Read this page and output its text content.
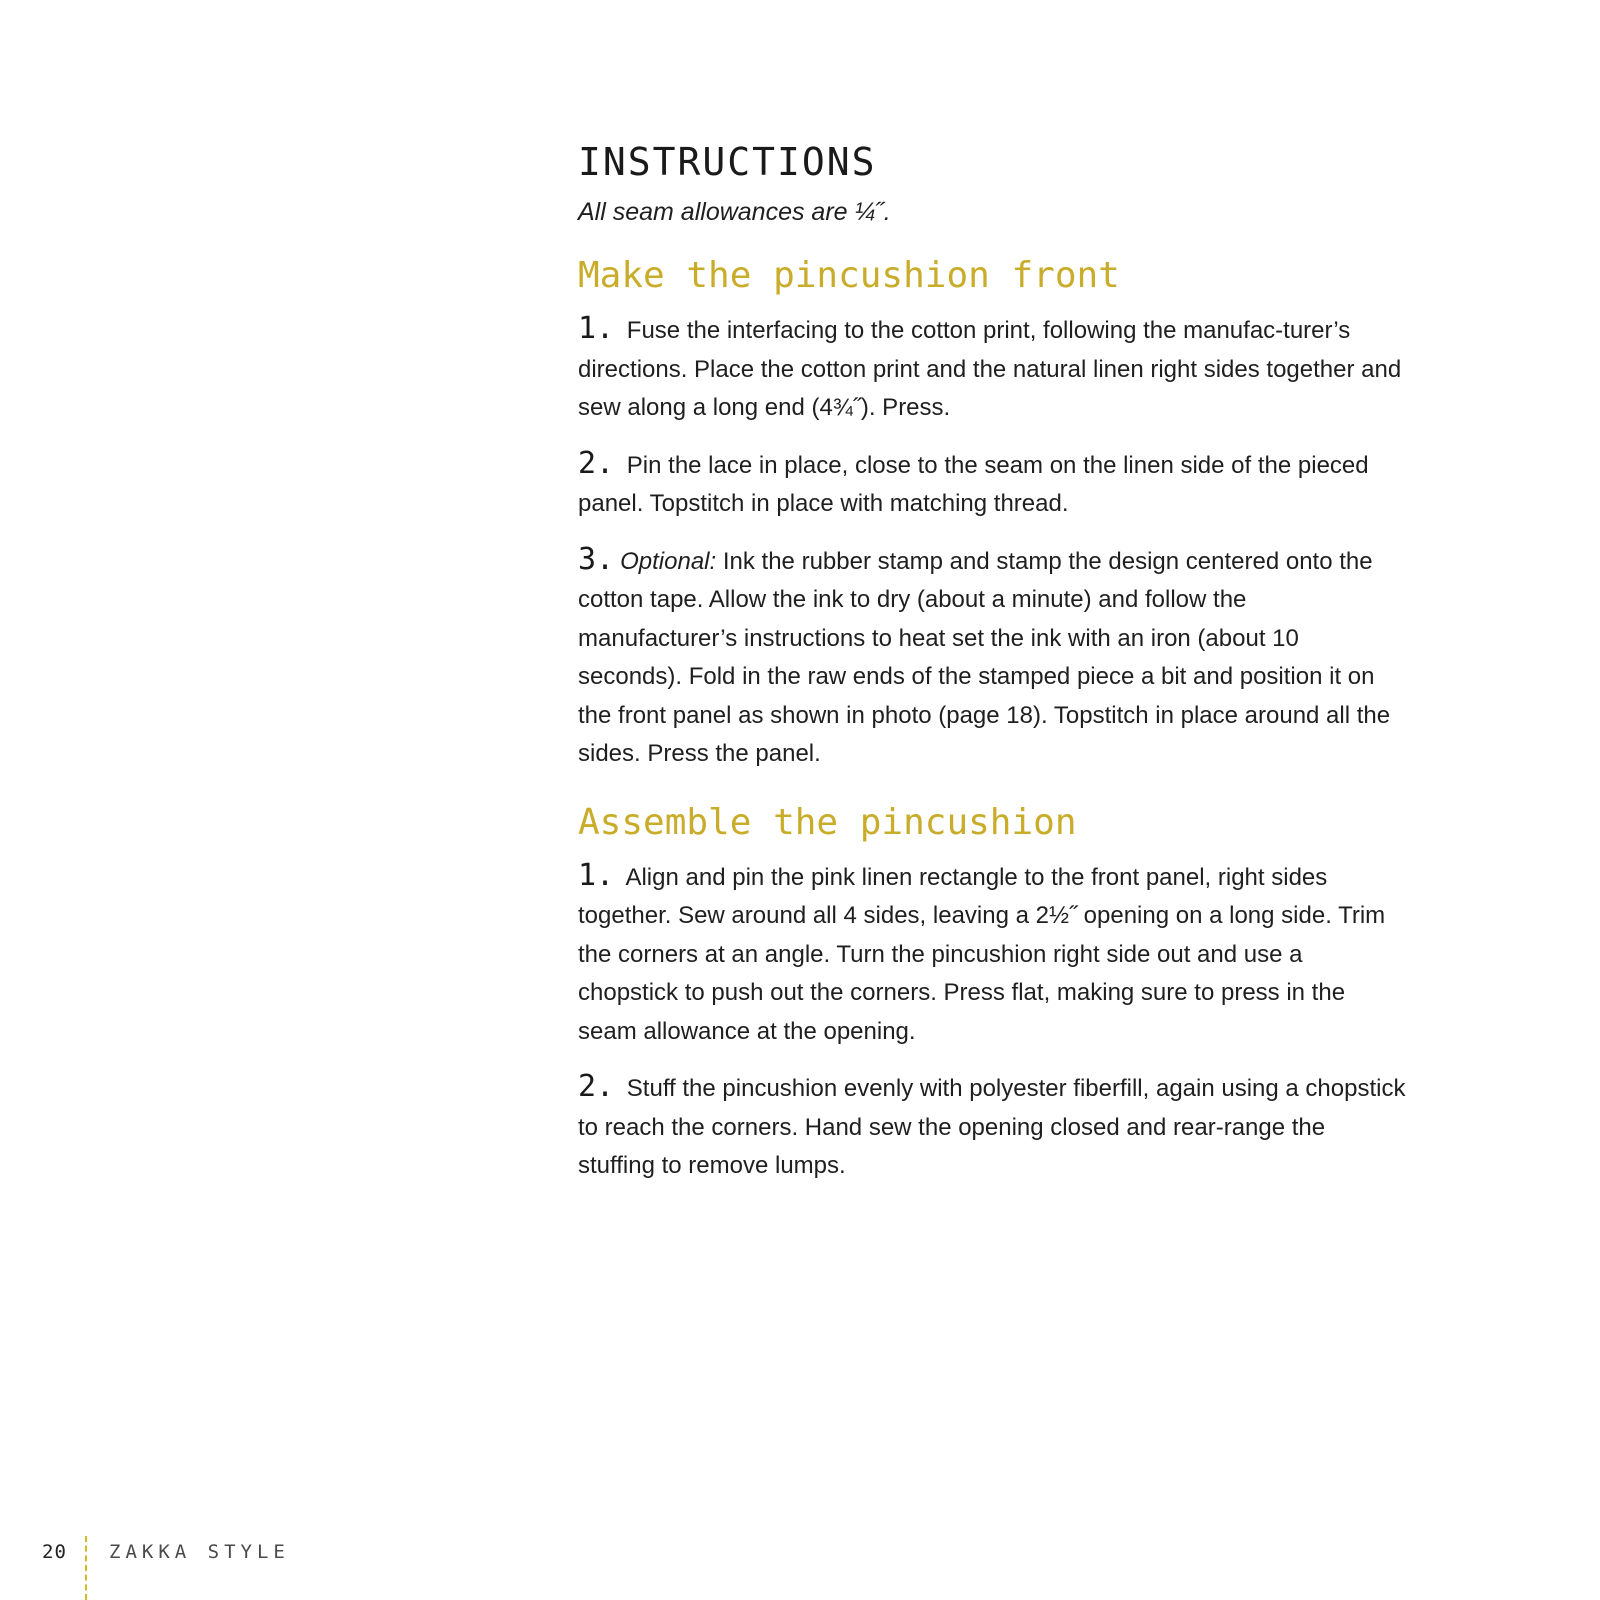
INSTRUCTIONS

All seam allowances are ¼˝.

Make the pincushion front

1. Fuse the interfacing to the cotton print, following the manufac-turer’s directions. Place the cotton print and the natural linen right sides together and sew along a long end (4¾˝). Press.

2. Pin the lace in place, close to the seam on the linen side of the pieced panel. Topstitch in place with matching thread.

3. Optional: Ink the rubber stamp and stamp the design centered onto the cotton tape. Allow the ink to dry (about a minute) and follow the manufacturer’s instructions to heat set the ink with an iron (about 10 seconds). Fold in the raw ends of the stamped piece a bit and position it on the front panel as shown in photo (page 18). Topstitch in place around all the sides. Press the panel.

Assemble the pincushion

1. Align and pin the pink linen rectangle to the front panel, right sides together. Sew around all 4 sides, leaving a 2½˝ opening on a long side. Trim the corners at an angle. Turn the pincushion right side out and use a chopstick to push out the corners. Press flat, making sure to press in the seam allowance at the opening.

2. Stuff the pincushion evenly with polyester fiberfill, again using a chopstick to reach the corners. Hand sew the opening closed and rear-range the stuffing to remove lumps.

20 ZAKKA STYLE
